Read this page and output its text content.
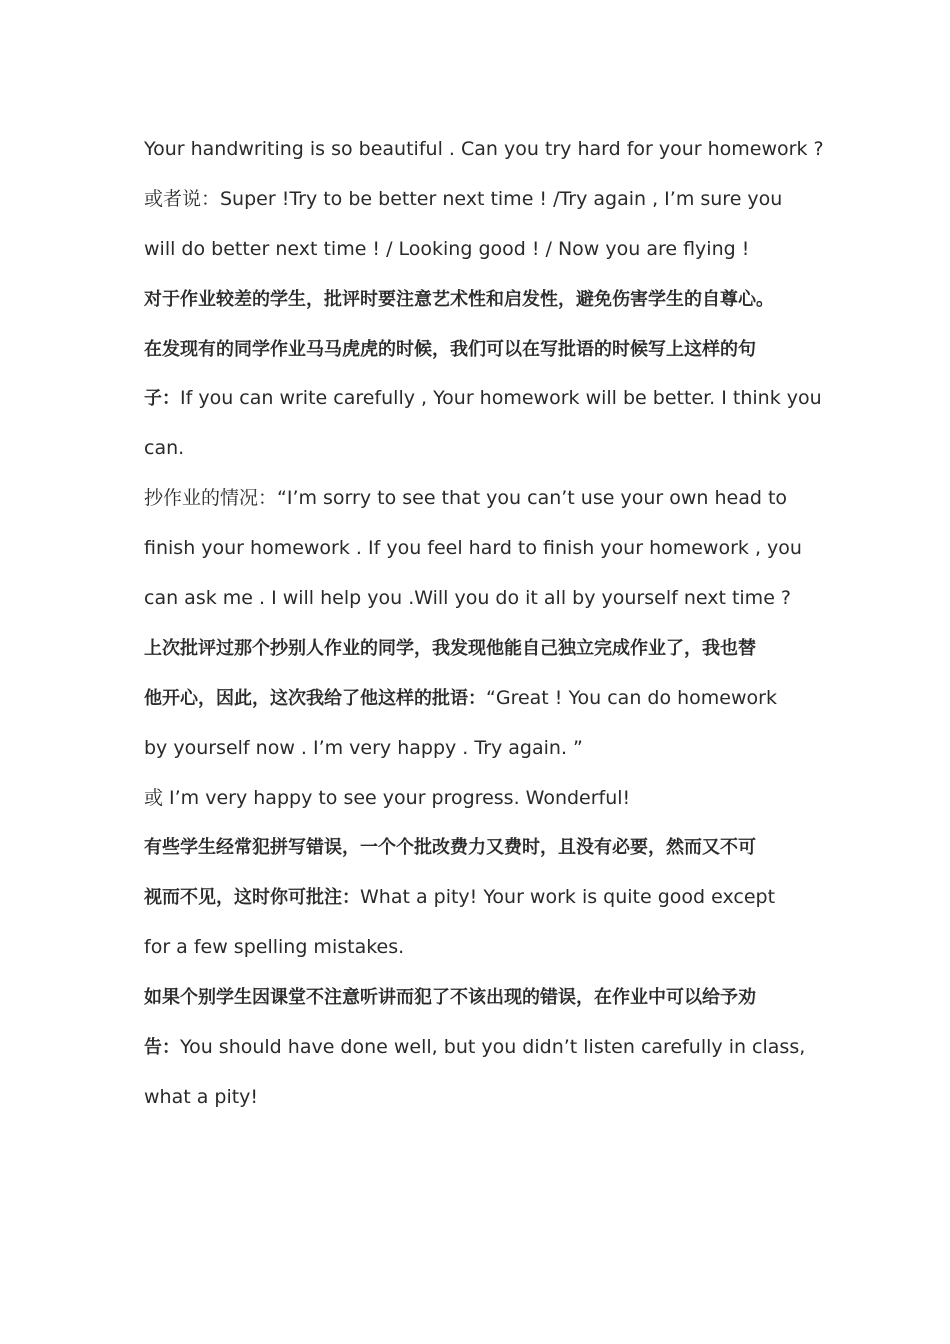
Your handwriting is so beautiful . Can you try hard for your homework ?
或者说：Super !Try to be better next time ! /Try again , I’m sure you
will do better next time ! / Looking good ! / Now you are flying !
对于作业较差的学生，批评时要注意艺术性和启发性，避免伤害学生的自尊心。
在发现有的同学作业马马虎虎的时候，我们可以在写批语的时候写上这样的句
子：If you can write carefully , Your homework will be better. I think you
can.
抄作业的情况：“I’m sorry to see that you can’t use your own head to
finish your homework . If you feel hard to finish your homework , you
can ask me . I will help you .Will you do it all by yourself next time ?
上次批评过那个抄别人作业的同学，我发现他能自己独立完成作业了，我也替
他开心，因此，这次我给了他这样的批语：“Great ! You can do homework
by yourself now . I’m very happy . Try again. ”
或 I’m very happy to see your progress. Wonderful!
有些学生经常犯拼写错误，一个个批改费力又费时，且没有必要，然而又不可
视而不见，这时你可批注：What a pity! Your work is quite good except
for a few spelling mistakes.
如果个别学生因课堂不注意听讲而犯了不该出现的错误，在作业中可以给予劝
告：You should have done well, but you didn’t listen carefully in class,
what a pity!
